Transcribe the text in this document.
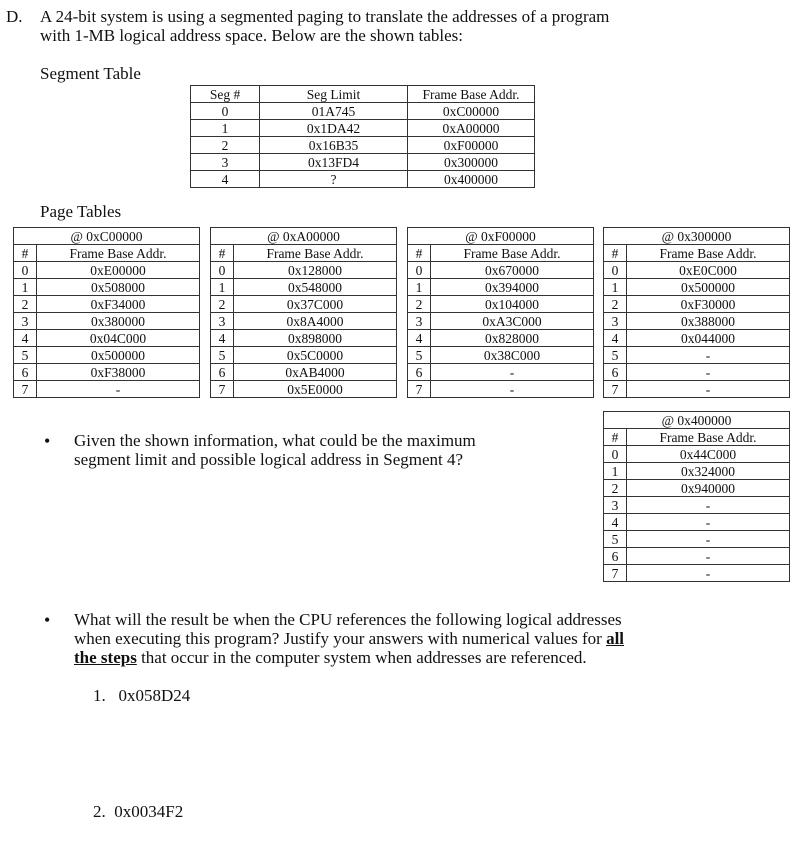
D. A 24-bit system is using a segmented paging to translate the addresses of a program
with 1-MB logical address space. Below are the shown tables:
Segment Table
Seg #	Seg Limit	Frame Base Addr.
0	01A745	0xC00000
1	0x1DA42	0xA00000
2	0x16B35	0xF00000
3	0x13FD4	0x300000
4	?	0x400000
Page Tables
@ 0xC00000	
#	Frame Base Addr.
0	0xE00000
1	0x508000
2	0xF34000
3	0x380000
4	0x04C000
5	0x500000
6	0xF38000
7	-
@ 0xA00000	
#	Frame Base Addr.
0	0x128000
1	0x548000
2	0x37C000
3	0x8A4000
4	0x898000
5	0x5C0000
6	0xAB4000
7	0x5E0000
@ 0xF00000	
#	Frame Base Addr.
0	0x670000
1	0x394000
2	0x104000
3	0xA3C000
4	0x828000
5	0x38C000
6	-
7	-
@ 0x300000	
#	Frame Base Addr.
0	0xE0C000
1	0x500000
2	0xF30000
3	0x388000
4	0x044000
5	-
6	-
7	-
@ 0x400000	
#	Frame Base Addr.
0	0x44C000
1	0x324000
2	0x940000
3	-
4	-
5	-
6	-
7	-
• Given the shown information, what could be the maximum
segment limit and possible logical address in Segment 4?
• What will the result be when the CPU references the following logical addresses
when executing this program? Justify your answers with numerical values for all
the steps that occur in the computer system when addresses are referenced.
1. 0x058D24
2. 0x0034F2
